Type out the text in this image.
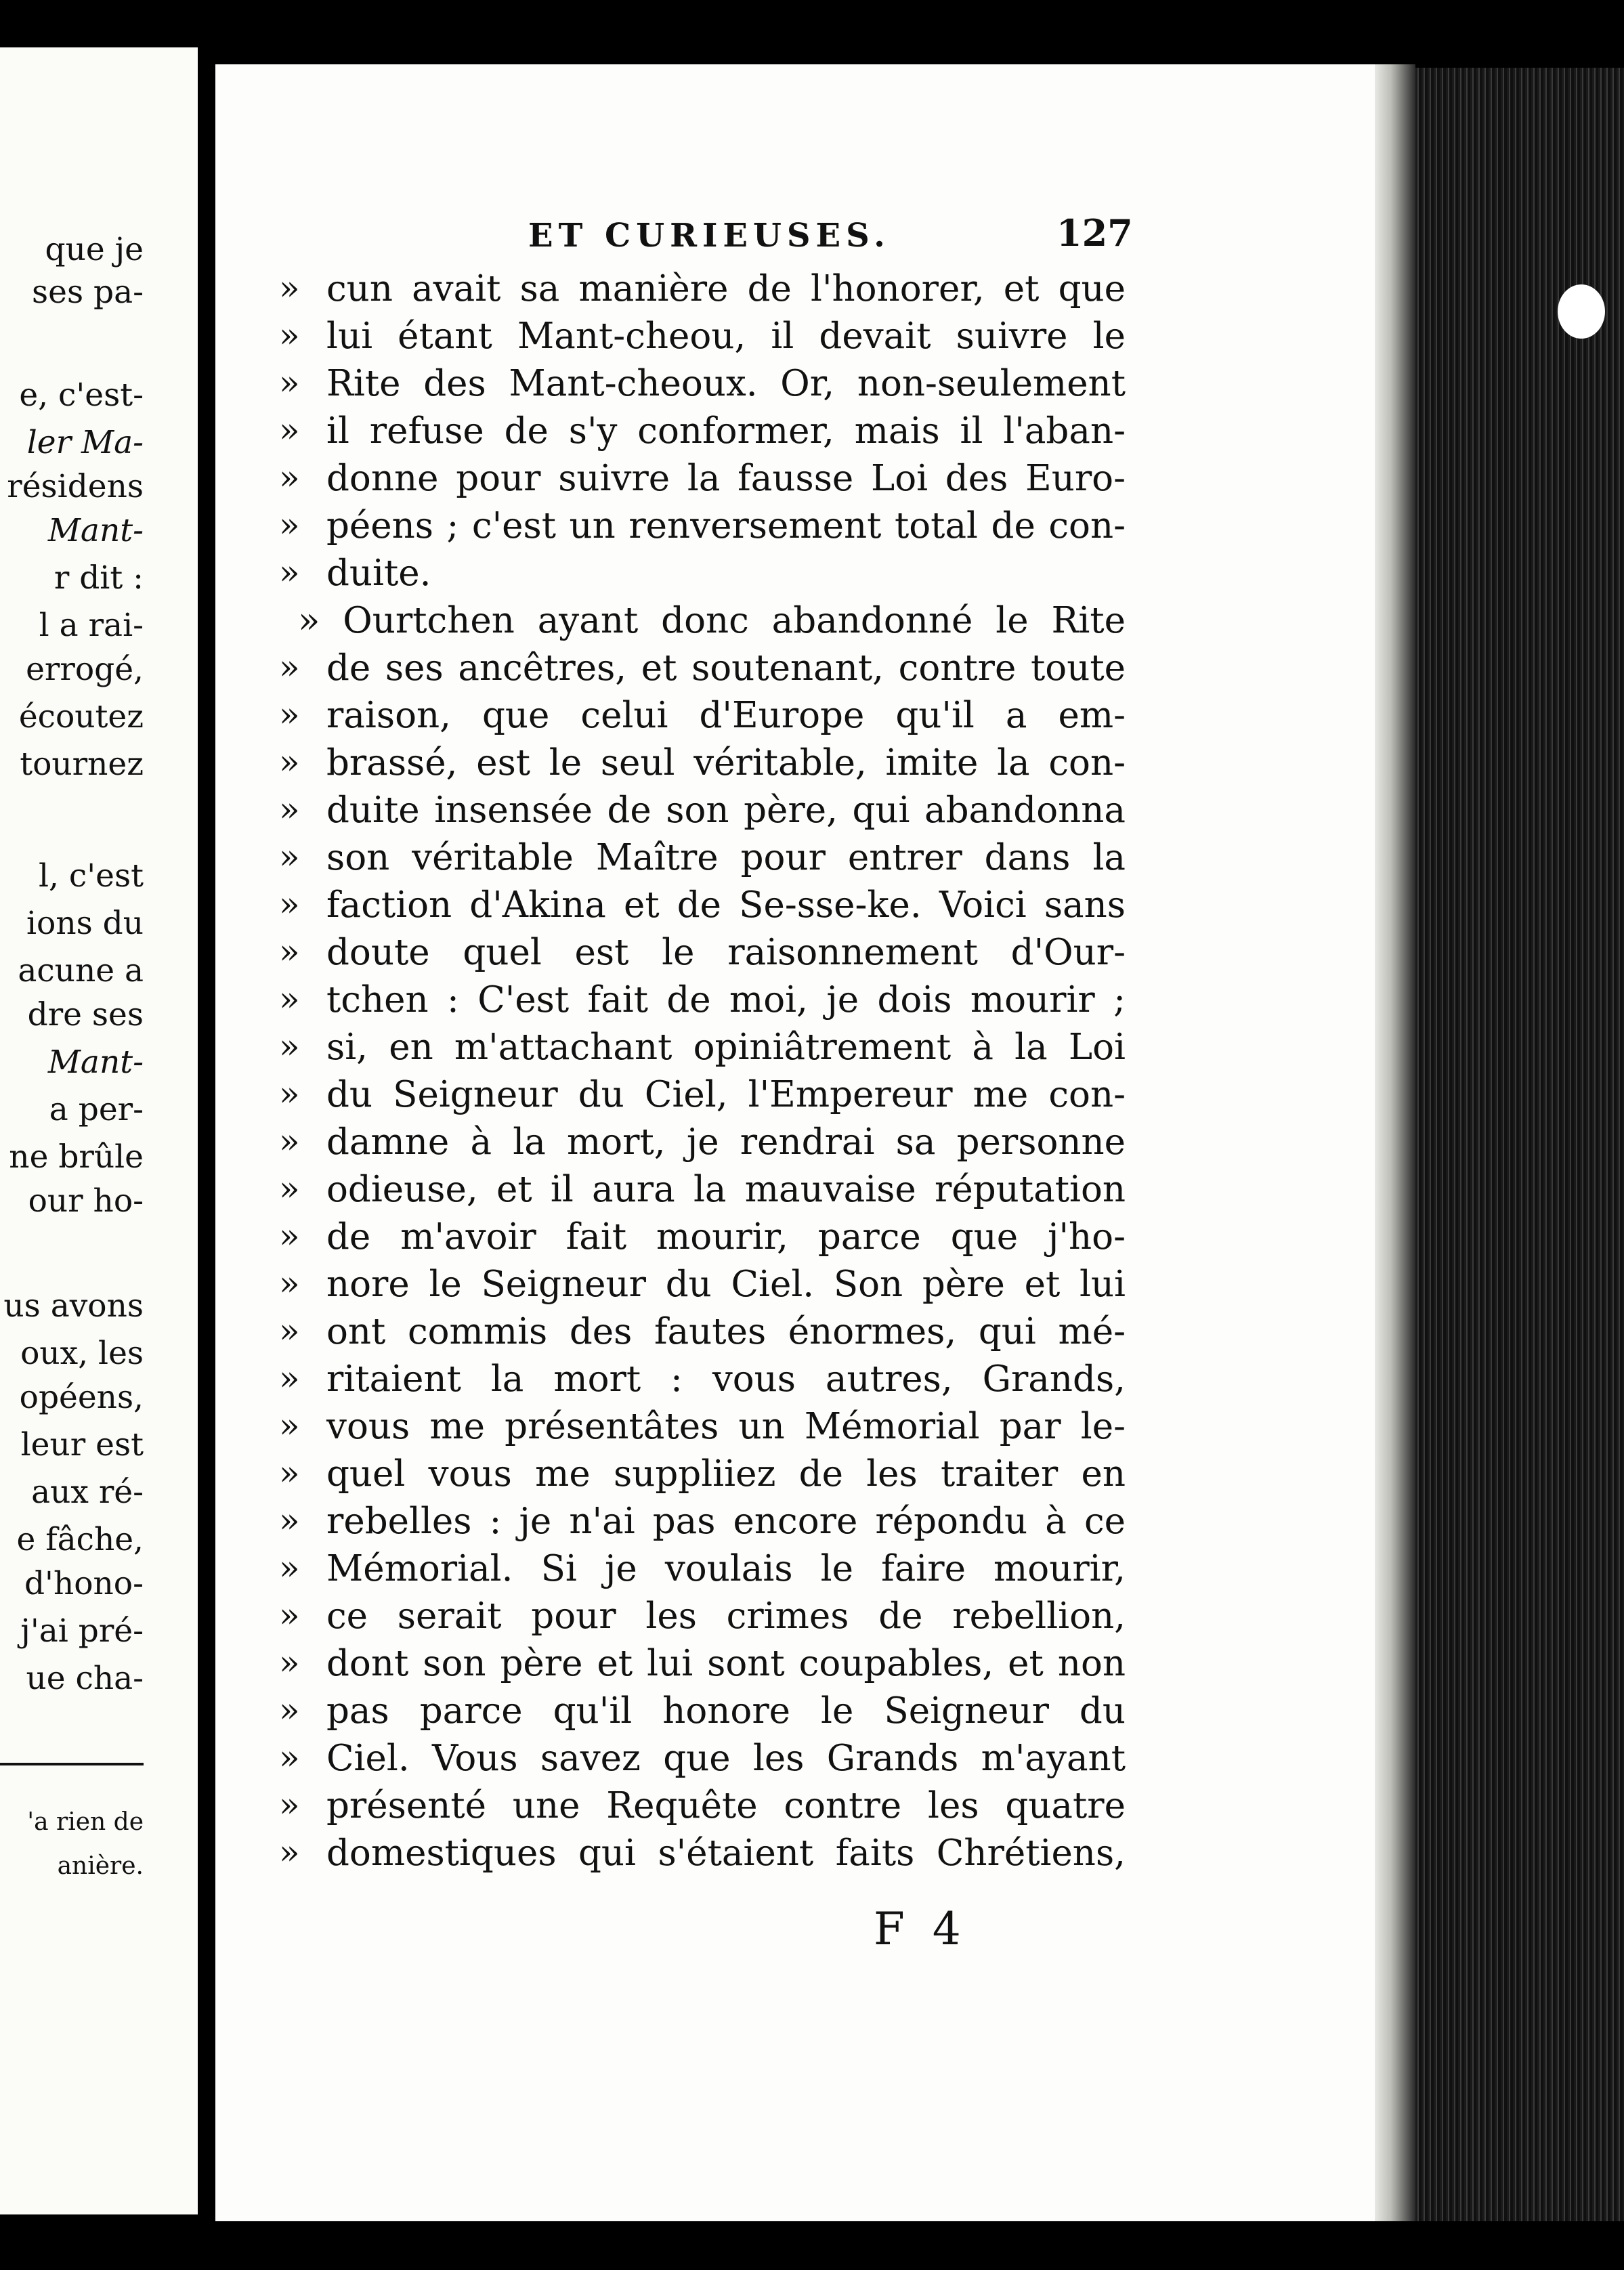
que je
ses pa-
e, c'est-
ler Ma-
résidens
Mant-
r dit :
l a rai-
errogé,
écoutez
tournez
l, c'est
ions du
acune a
dre ses
Mant-
a per-
ne brûle
our ho-
us avons
oux, les
opéens,
leur est
aux ré-
e fâche,
d'hono-
j'ai pré-
ue cha-
'a rien de
anière.
ET CURIEUSES.	127
» cun avait sa manière de l'honorer, et que
» lui étant Mant-cheou, il devait suivre le
» Rite des Mant-cheoux. Or, non-seulement
» il refuse de s'y conformer, mais il l'aban-
» donne pour suivre la fausse Loi des Euro-
» péens ; c'est un renversement total de con-
» duite.
» Ourtchen ayant donc abandonné le Rite
» de ses ancêtres, et soutenant, contre toute
» raison, que celui d'Europe qu'il a em-
» brassé, est le seul véritable, imite la con-
» duite insensée de son père, qui abandonna
» son véritable Maître pour entrer dans la
» faction d'Akina et de Se-sse-ke. Voici sans
» doute quel est le raisonnement d'Our-
» tchen : C'est fait de moi, je dois mourir ;
» si, en m'attachant opiniâtrement à la Loi
» du Seigneur du Ciel, l'Empereur me con-
» damne à la mort, je rendrai sa personne
» odieuse, et il aura la mauvaise réputation
» de m'avoir fait mourir, parce que j'ho-
» nore le Seigneur du Ciel. Son père et lui
» ont commis des fautes énormes, qui mé-
» ritaient la mort : vous autres, Grands,
» vous me présentâtes un Mémorial par le-
» quel vous me suppliiez de les traiter en
» rebelles : je n'ai pas encore répondu à ce
» Mémorial. Si je voulais le faire mourir,
» ce serait pour les crimes de rebellion,
» dont son père et lui sont coupables, et non
» pas parce qu'il honore le Seigneur du
» Ciel. Vous savez que les Grands m'ayant
» présenté une Requête contre les quatre
» domestiques qui s'étaient faits Chrétiens,
F 4
